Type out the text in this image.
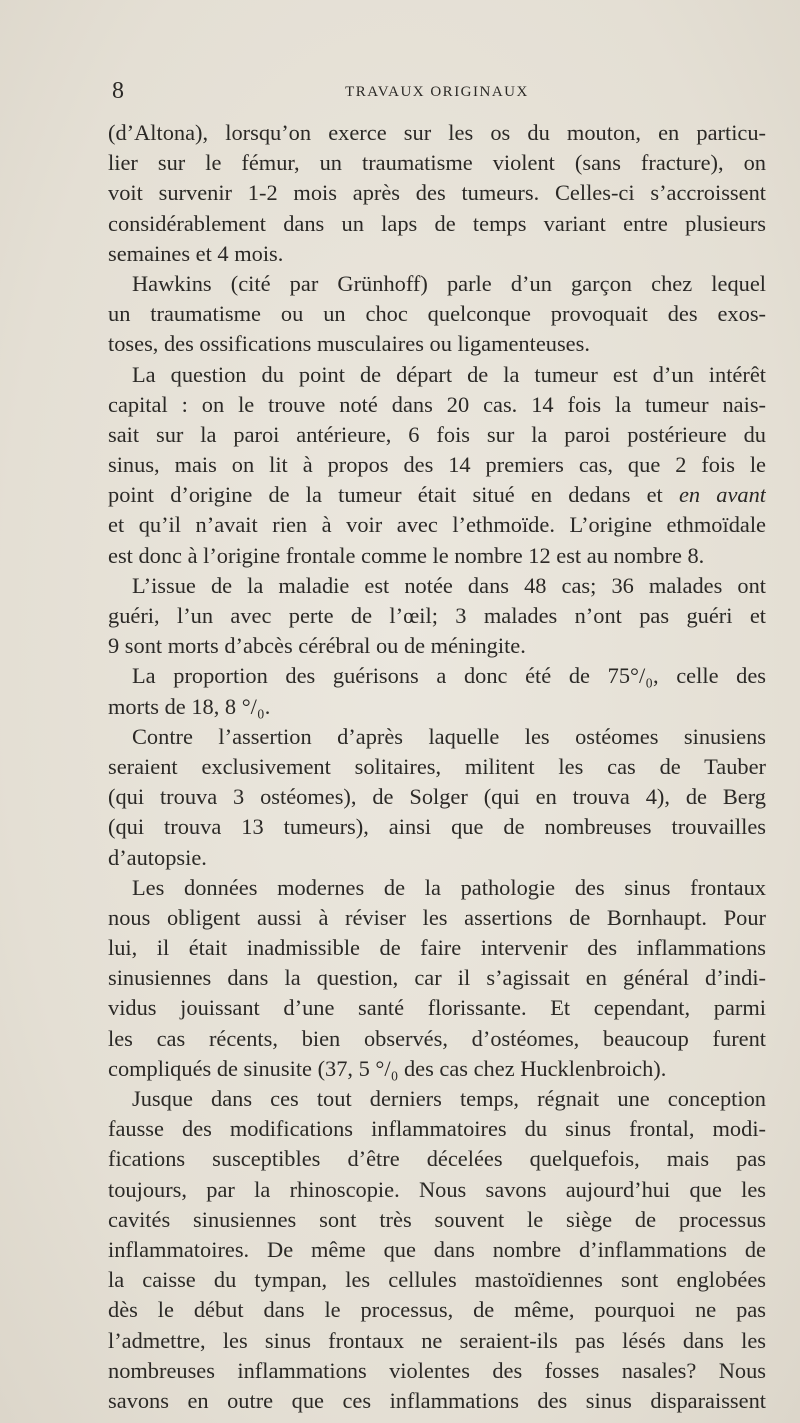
8	TRAVAUX ORIGINAUX
(d’Altona), lorsqu’on exerce sur les os du mouton, en particu-
lier sur le fémur, un traumatisme violent (sans fracture), on
voit survenir 1-2 mois après des tumeurs. Celles-ci s’accroissent
considérablement dans un laps de temps variant entre plusieurs
semaines et 4 mois.
Hawkins (cité par Grünhoff) parle d’un garçon chez lequel
un traumatisme ou un choc quelconque provoquait des exos-
toses, des ossifications musculaires ou ligamenteuses.
La question du point de départ de la tumeur est d’un intérêt
capital : on le trouve noté dans 20 cas. 14 fois la tumeur nais-
sait sur la paroi antérieure, 6 fois sur la paroi postérieure du
sinus, mais on lit à propos des 14 premiers cas, que 2 fois le
point d’origine de la tumeur était situé en dedans et en avant
et qu’il n’avait rien à voir avec l’ethmoïde. L’origine ethmoïdale
est donc à l’origine frontale comme le nombre 12 est au nombre 8.
L’issue de la maladie est notée dans 48 cas; 36 malades ont
guéri, l’un avec perte de l’œil; 3 malades n’ont pas guéri et
9 sont morts d’abcès cérébral ou de méningite.
La proportion des guérisons a donc été de 75°/₀, celle des
morts de 18, 8 °/₀.
Contre l’assertion d’après laquelle les ostéomes sinusiens
seraient exclusivement solitaires, militent les cas de Tauber
(qui trouva 3 ostéomes), de Solger (qui en trouva 4), de Berg
(qui trouva 13 tumeurs), ainsi que de nombreuses trouvailles
d’autopsie.
Les données modernes de la pathologie des sinus frontaux
nous obligent aussi à réviser les assertions de Bornhaupt. Pour
lui, il était inadmissible de faire intervenir des inflammations
sinusiennes dans la question, car il s’agissait en général d’indi-
vidus jouissant d’une santé florissante. Et cependant, parmi
les cas récents, bien observés, d’ostéomes, beaucoup furent
compliqués de sinusite (37, 5 °/₀ des cas chez Hucklenbroich).
Jusque dans ces tout derniers temps, régnait une conception
fausse des modifications inflammatoires du sinus frontal, modi-
fications susceptibles d’être décelées quelquefois, mais pas
toujours, par la rhinoscopie. Nous savons aujourd’hui que les
cavités sinusiennes sont très souvent le siège de processus
inflammatoires. De même que dans nombre d’inflammations de
la caisse du tympan, les cellules mastoïdiennes sont englobées
dès le début dans le processus, de même, pourquoi ne pas
l’admettre, les sinus frontaux ne seraient-ils pas lésés dans les
nombreuses inflammations violentes des fosses nasales? Nous
savons en outre que ces inflammations des sinus disparaissent
